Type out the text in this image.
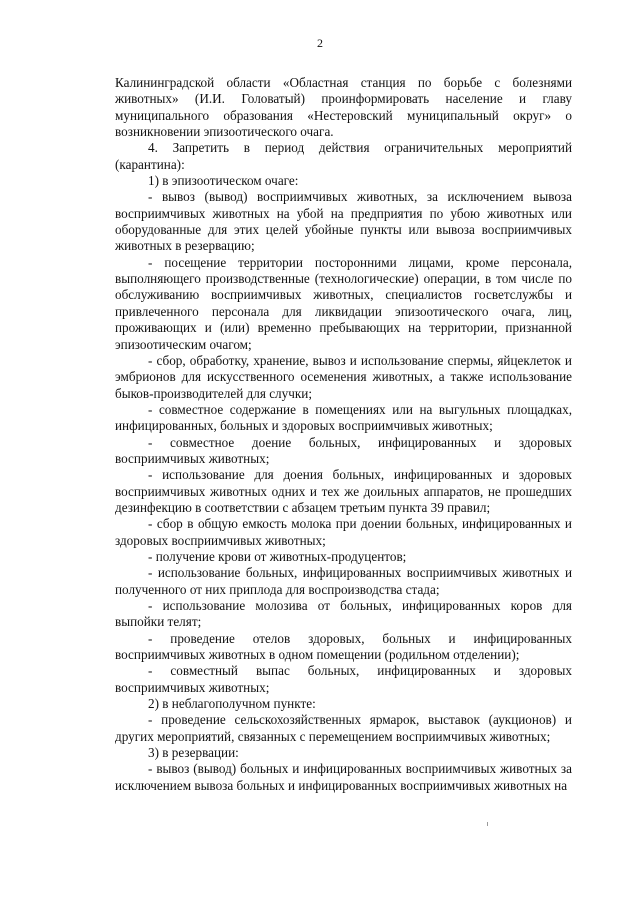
2

Калининградской области «Областная станция по борьбе с болезнями животных» (И.И. Головатый) проинформировать население и главу муниципального образования «Нестеровский муниципальный округ» о возникновении эпизоотического очага.

4. Запретить в период действия ограничительных мероприятий (карантина):

1) в эпизоотическом очаге:

- вывоз (вывод) восприимчивых животных, за исключением вывоза восприимчивых животных на убой на предприятия по убою животных или оборудованные для этих целей убойные пункты или вывоза восприимчивых животных в резервацию;

- посещение территории посторонними лицами, кроме персонала, выполняющего производственные (технологические) операции, в том числе по обслуживанию восприимчивых животных, специалистов госветслужбы и привлеченного персонала для ликвидации эпизоотического очага, лиц, проживающих и (или) временно пребывающих на территории, признанной эпизоотическим очагом;

- сбор, обработку, хранение, вывоз и использование спермы, яйцеклеток и эмбрионов для искусственного осеменения животных, а также использование быков-производителей для случки;

- совместное содержание в помещениях или на выгульных площадках, инфицированных, больных и здоровых восприимчивых животных;

- совместное доение больных, инфицированных и здоровых восприимчивых животных;

- использование для доения больных, инфицированных и здоровых восприимчивых животных одних и тех же доильных аппаратов, не прошедших дезинфекцию в соответствии с абзацем третьим пункта 39 правил;

- сбор в общую емкость молока при доении больных, инфицированных и здоровых восприимчивых животных;

- получение крови от животных-продуцентов;

- использование больных, инфицированных восприимчивых животных и полученного от них приплода для воспроизводства стада;

- использование молозива от больных, инфицированных коров для выпойки телят;

- проведение отелов здоровых, больных и инфицированных восприимчивых животных в одном помещении (родильном отделении);

- совместный выпас больных, инфицированных и здоровых восприимчивых животных;

2) в неблагополучном пункте:

- проведение сельскохозяйственных ярмарок, выставок (аукционов) и других мероприятий, связанных с перемещением восприимчивых животных;

3) в резервации:

- вывоз (вывод) больных и инфицированных восприимчивых животных за исключением вывоза больных и инфицированных восприимчивых животных на
